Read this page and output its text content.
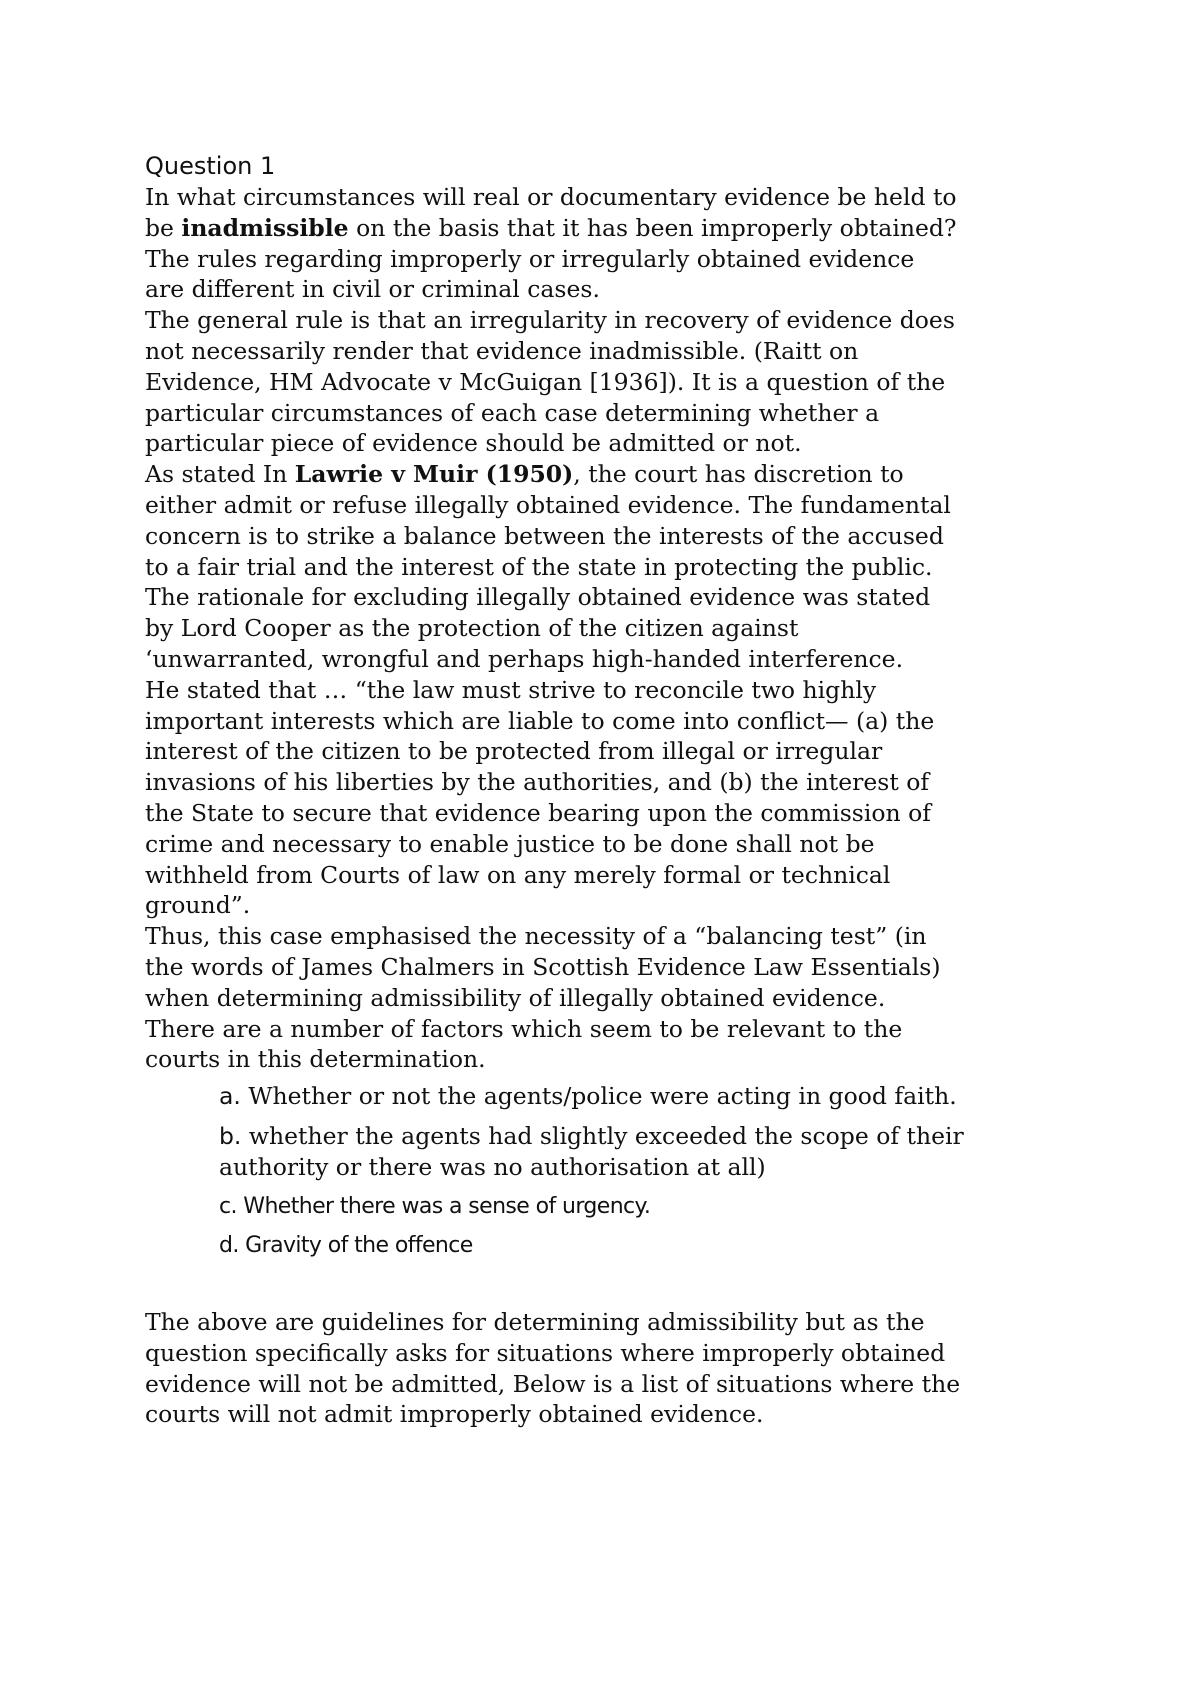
Question 1

In what circumstances will real or documentary evidence be held to

be inadmissible on the basis that it has been improperly obtained?

The rules regarding improperly or irregularly obtained evidence

are different in civil or criminal cases.

The general rule is that an irregularity in recovery of evidence does

not necessarily render that evidence inadmissible. (Raitt on

Evidence, HM Advocate v McGuigan [1936]). It is a question of the

particular circumstances of each case determining whether a

particular piece of evidence should be admitted or not.

As stated In Lawrie v Muir (1950), the court has discretion to

either admit or refuse illegally obtained evidence. The fundamental

concern is to strike a balance between the interests of the accused

to a fair trial and the interest of the state in protecting the public.

The rationale for excluding illegally obtained evidence was stated

by Lord Cooper as the protection of the citizen against

‘unwarranted, wrongful and perhaps high-handed interference.

He stated that … “the law must strive to reconcile two highly

important interests which are liable to come into conflict— (a) the

interest of the citizen to be protected from illegal or irregular

invasions of his liberties by the authorities, and (b) the interest of

the State to secure that evidence bearing upon the commission of

crime and necessary to enable justice to be done shall not be

withheld from Courts of law on any merely formal or technical

ground”.

Thus, this case emphasised the necessity of a “balancing test” (in

the words of James Chalmers in Scottish Evidence Law Essentials)

when determining admissibility of illegally obtained evidence.

There are a number of factors which seem to be relevant to the

courts in this determination.

a. Whether or not the agents/police were acting in good faith.

b. whether the agents had slightly exceeded the scope of their

authority or there was no authorisation at all)

c. Whether there was a sense of urgency.

d. Gravity of the offence

The above are guidelines for determining admissibility but as the

question specifically asks for situations where improperly obtained

evidence will not be admitted, Below is a list of situations where the

courts will not admit improperly obtained evidence.
